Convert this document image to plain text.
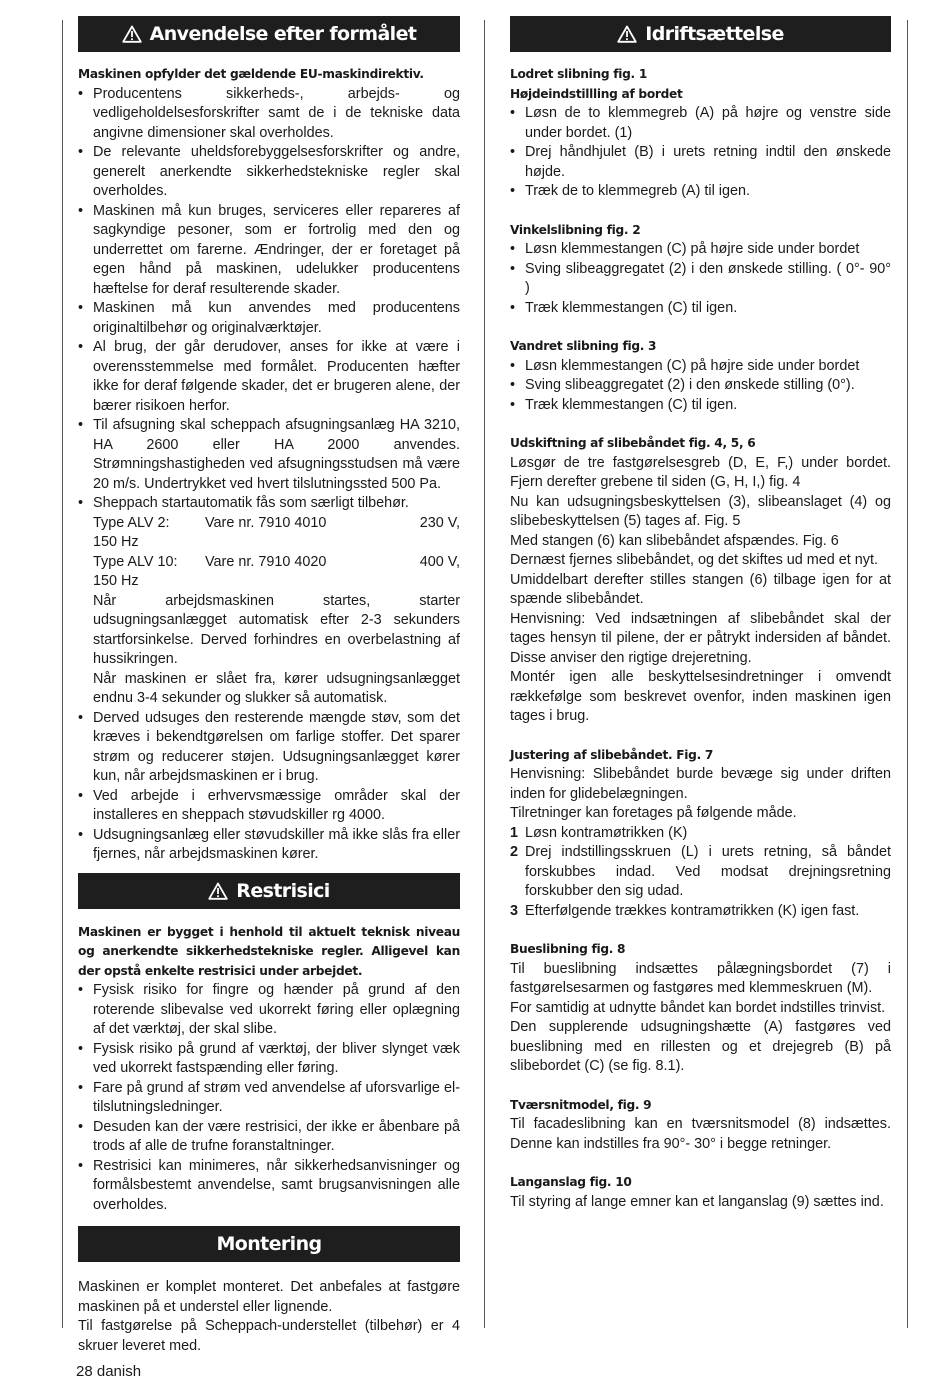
Anvendelse efter formålet
Maskinen opfylder det gældende EU-maskindirektiv.
• Producentens sikkerheds-, arbejds- og vedligeholdelsesforskrifter samt de i de tekniske data angivne dimensioner skal overholdes.
• De relevante uheldsforebyggelsesforskrifter og andre, generelt anerkendte sikkerhedstekniske regler skal overholdes.
• Maskinen må kun bruges, serviceres eller repareres af sagkyndige pesoner, som er fortrolig med den og underrettet om farerne. Ændringer, der er foretaget på egen hånd på maskinen, udelukker producentens hæftelse for deraf resulterende skader.
• Maskinen må kun anvendes med producentens originaltilbehør og originalværktøjer.
• Al brug, der går derudover, anses for ikke at være i overensstemmelse med formålet. Producenten hæfter ikke for deraf følgende skader, det er brugeren alene, der bærer risikoen herfor.
• Til afsugning skal scheppach afsugningsanlæg HA 3210, HA 2600 eller HA 2000 anvendes. Strømningshastigheden ved afsugningsstudsen må være 20 m/s. Undertrykket ved hvert tilslutningssted 500 Pa.
• Sheppach startautomatik fås som særligt tilbehør.
Type ALV 2:	Vare nr. 7910 4010	230 V,
150 Hz
Type ALV 10:	Vare nr. 7910 4020	400 V,
150 Hz
Når arbejdsmaskinen startes, starter udsugningsanlægget automatisk efter 2-3 sekunders startforsinkelse. Derved forhindres en overbelastning af hussikringen.
Når maskinen er slået fra, kører udsugningsanlægget endnu 3-4 sekunder og slukker så automatisk.
• Derved udsuges den resterende mængde støv, som det kræves i bekendtgørelsen om farlige stoffer. Det sparer strøm og reducerer støjen. Udsugningsanlægget kører kun, når arbejdsmaskinen er i brug.
• Ved arbejde i erhvervsmæssige områder skal der installeres en sheppach støvudskiller rg 4000.
• Udsugningsanlæg eller støvudskiller må ikke slås fra eller fjernes, når arbejdsmaskinen kører.
Restrisici
Maskinen er bygget i henhold til aktuelt teknisk niveau og anerkendte sikkerhedstekniske regler. Alligevel kan der opstå enkelte restrisici under arbejdet.
• Fysisk risiko for fingre og hænder på grund af den roterende slibevalse ved ukorrekt føring eller oplægning af det værktøj, der skal slibe.
• Fysisk risiko på grund af værktøj, der bliver slynget væk ved ukorrekt fastspænding eller føring.
• Fare på grund af strøm ved anvendelse af uforsvarlige el-tilslutningsledninger.
• Desuden kan der være restrisici, der ikke er åbenbare på trods af alle de trufne foranstaltninger.
• Restrisici kan minimeres, når sikkerhedsanvisninger og formålsbestemt anvendelse, samt brugsanvisningen alle overholdes.
Montering
Maskinen er komplet monteret. Det anbefales at fastgøre maskinen på et understel eller lignende.
Til fastgørelse på Scheppach-understellet (tilbehør) er 4 skruer leveret med.
Idriftsættelse
Lodret slibning fig. 1
Højdeindstillling af bordet
• Løsn de to klemmegreb (A) på højre og venstre side under bordet. (1)
• Drej håndhjulet (B) i urets retning indtil den ønskede højde.
• Træk de to klemmegreb (A) til igen.
Vinkelslibning fig. 2
• Løsn klemmestangen (C) på højre side under bordet
• Sving slibeaggregatet (2) i den ønskede stilling. ( 0°- 90° )
• Træk klemmestangen (C) til igen.
Vandret slibning fig. 3
• Løsn klemmestangen (C) på højre side under bordet
• Sving slibeaggregatet (2) i den ønskede stilling (0°).
• Træk klemmestangen (C) til igen.
Udskiftning af slibebåndet fig. 4, 5, 6
Løsgør de tre fastgørelsesgreb (D, E, F,) under bordet. Fjern derefter grebene til siden (G, H, I,) fig. 4
Nu kan udsugningsbeskyttelsen (3), slibeanslaget (4) og slibebeskyttelsen (5) tages af. Fig. 5
Med stangen (6) kan slibebåndet afspændes. Fig. 6
Dernæst fjernes slibebåndet, og det skiftes ud med et nyt.
Umiddelbart derefter stilles stangen (6) tilbage igen for at spænde slibebåndet.
Henvisning: Ved indsætningen af slibebåndet skal der tages hensyn til pilene, der er påtrykt indersiden af båndet. Disse anviser den rigtige drejeretning.
Montér igen alle beskyttelsesindretninger i omvendt rækkefølge som beskrevet ovenfor, inden maskinen igen tages i brug.
Justering af slibebåndet. Fig. 7
Henvisning: Slibebåndet burde bevæge sig under driften inden for glidebelægningen.
Tilretninger kan foretages på følgende måde.
1 Løsn kontramøtrikken (K)
2 Drej indstillingsskruen (L) i urets retning, så båndet forskubbes indad. Ved modsat drejningsretning forskubber den sig udad.
3 Efterfølgende trækkes kontramøtrikken (K) igen fast.
Bueslibning fig. 8
Til bueslibning indsættes pålægningsbordet (7) i fastgørelsesarmen og fastgøres med klemmeskruen (M).
For samtidig at udnytte båndet kan bordet indstilles trinvist.
Den supplerende udsugningshætte (A) fastgøres ved bueslibning med en rillesten og et drejegreb (B) på slibebordet (C) (se fig. 8.1).
Tværsnitmodel, fig. 9
Til facadeslibning kan en tværsnitsmodel (8) indsættes. Denne kan indstilles fra 90°- 30° i begge retninger.
Langanslag fig. 10
Til styring af lange emner kan et langanslag (9) sættes ind.
28 danish
